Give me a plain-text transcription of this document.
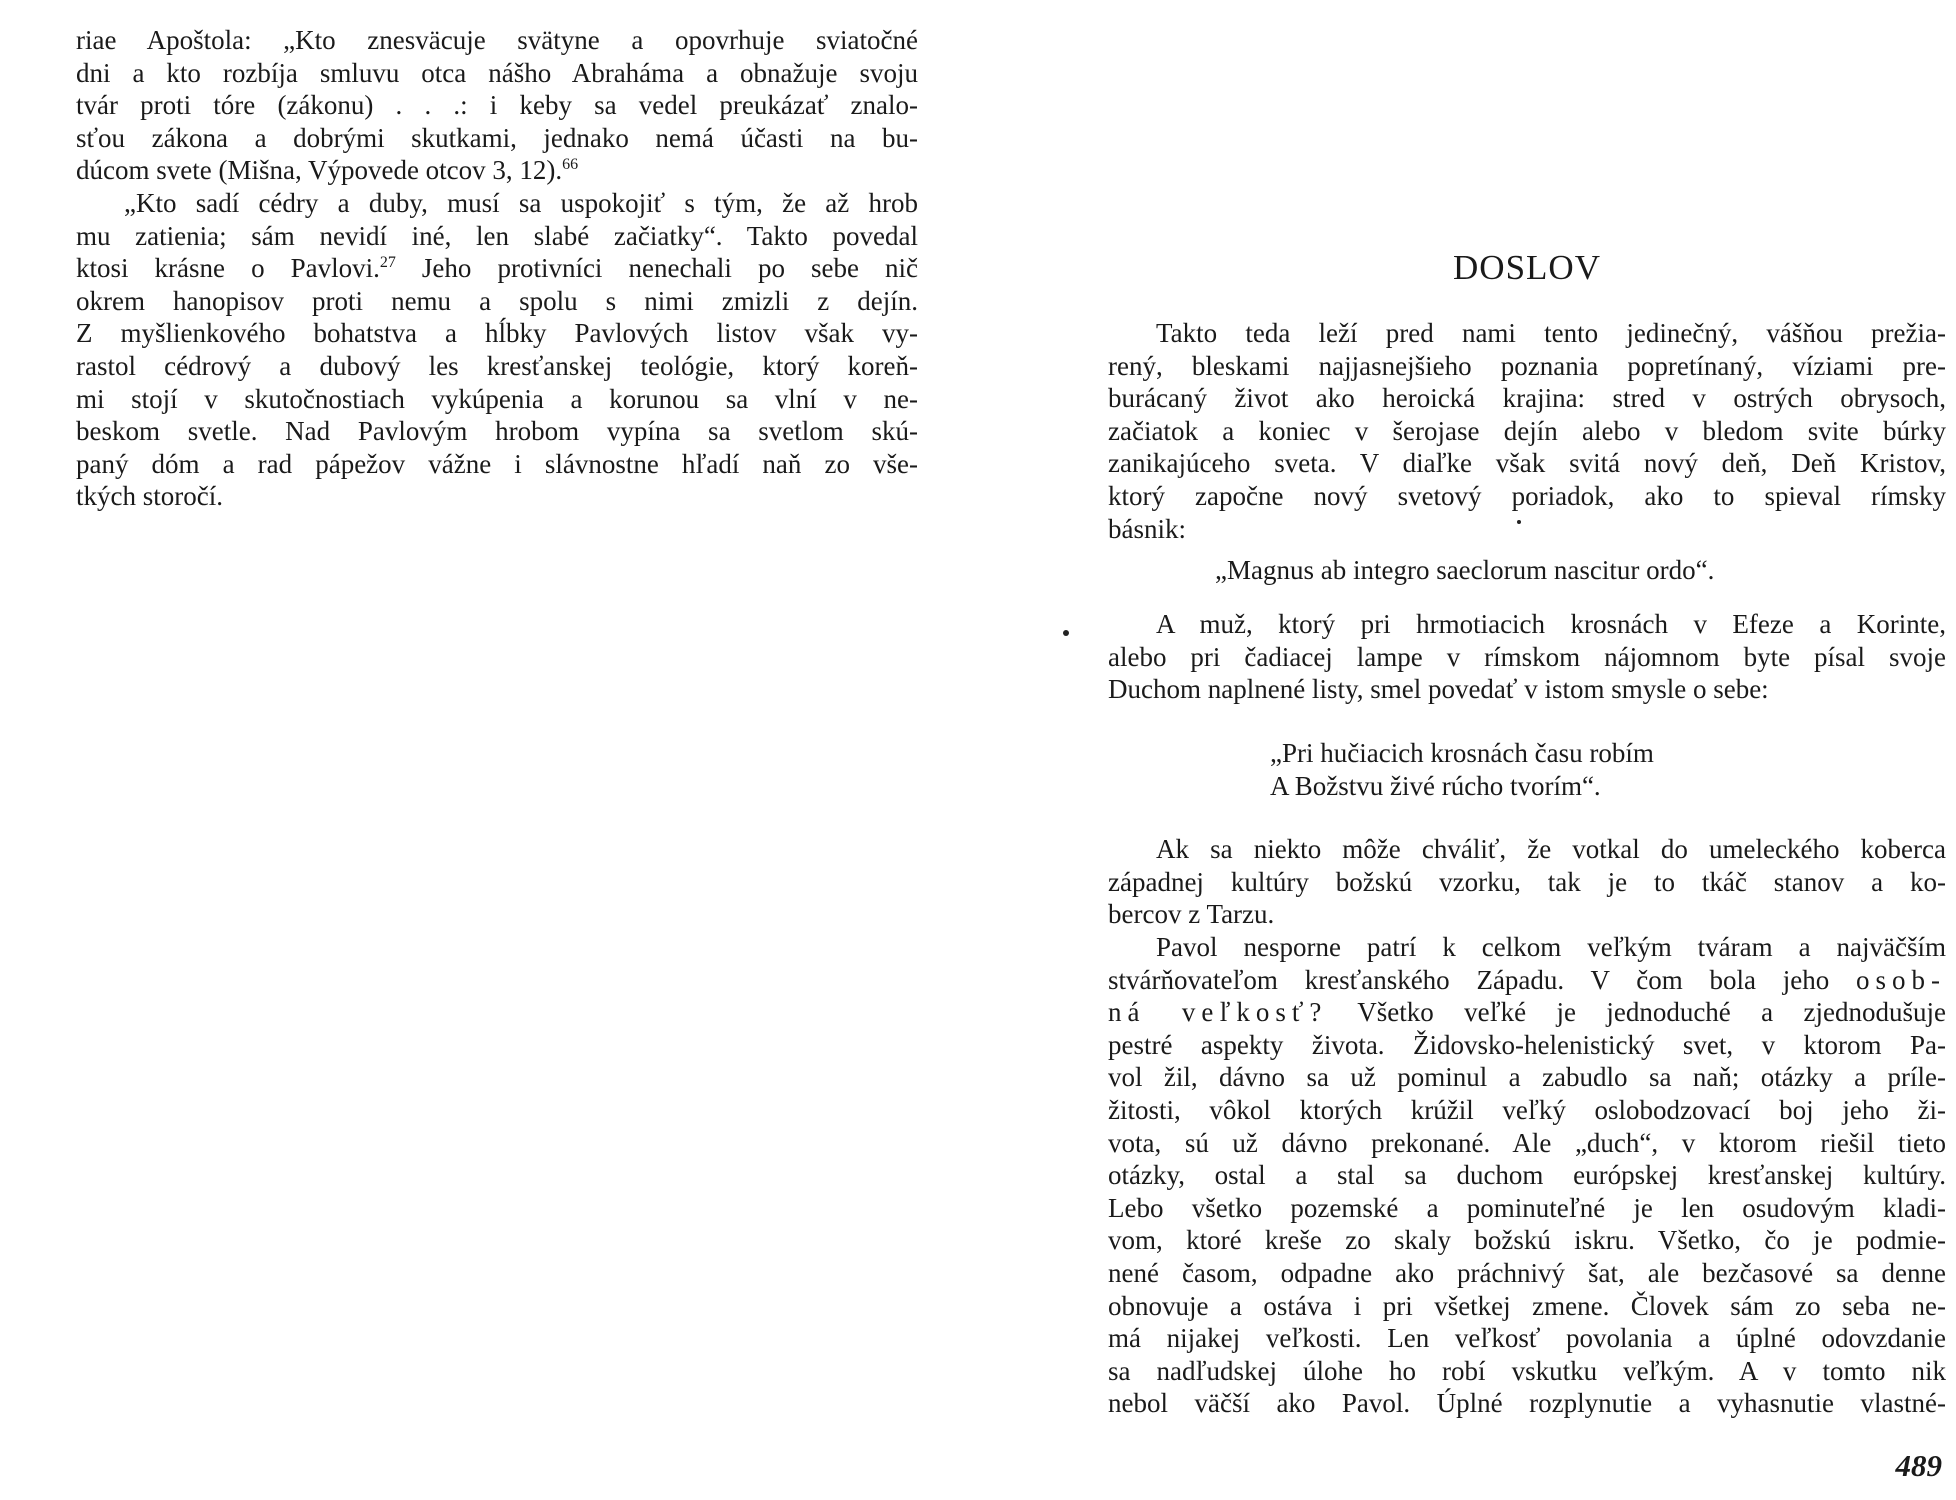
riae Apoštola: „Kto znesväcuje svätyne a opovrhuje sviatočné

dni a kto rozbíja smluvu otca nášho Abraháma a obnažuje svoju

tvár proti tóre (zákonu) . . .: i keby sa vedel preukázať znalo-

sťou zákona a dobrými skutkami, jednako nemá účasti na bu-

dúcom svete (Mišna, Výpovede otcov 3, 12).$^{66}$

„Kto sadí cédry a duby, musí sa uspokojiť s tým, že až hrob

mu zatienia; sám nevidí iné, len slabé začiatky“. Takto povedal

ktosi krásne o Pavlovi.$^{27}$ Jeho protivníci nenechali po sebe nič

okrem hanopisov proti nemu a spolu s nimi zmizli z dejín.

Z myšlienkového bohatstva a hĺbky Pavlových listov však vy-

rastol cédrový a dubový les kresťanskej teológie, ktorý koreň-

mi stojí v skutočnostiach vykúpenia a korunou sa vlní v ne-

beskom svetle. Nad Pavlovým hrobom vypína sa svetlom skú-

paný dóm a rad pápežov vážne i slávnostne hľadí naň zo vše-

tkých storočí.

DOSLOV

Takto teda leží pred nami tento jedinečný, vášňou prežia-

rený, bleskami najjasnejšieho poznania popretínaný, víziami pre-

burácaný život ako heroická krajina: stred v ostrých obrysoch,

začiatok a koniec v šerojase dejín alebo v bledom svite búrky

zanikajúceho sveta. V diaľke však svitá nový deň, Deň Kristov,

ktorý započne nový svetový poriadok, ako to spieval rímsky

básnik:

„Magnus ab integro saeclorum nascitur ordo“.

A muž, ktorý pri hrmotiacich krosnách v Efeze a Korinte,

alebo pri čadiacej lampe v rímskom nájomnom byte písal svoje

Duchom naplnené listy, smel povedať v istom smysle o sebe:

„Pri hučiacich krosnách času robím

A Božstvu živé rúcho tvorím“.

Ak sa niekto môže chváliť, že votkal do umeleckého koberca

západnej kultúry božskú vzorku, tak je to tkáč stanov a ko-

bercov z Tarzu.

Pavol nesporne patrí k celkom veľkým tváram a najväčším

stvárňovateľom kresťanského Západu. V čom bola jeho osob-

ná veľkosť? Všetko veľké je jednoduché a zjednodušuje

pestré aspekty života. Židovsko-helenistický svet, v ktorom Pa-

vol žil, dávno sa už pominul a zabudlo sa naň; otázky a príle-

žitosti, vôkol ktorých krúžil veľký oslobodzovací boj jeho ži-

vota, sú už dávno prekonané. Ale „duch“, v ktorom riešil tieto

otázky, ostal a stal sa duchom európskej kresťanskej kultúry.

Lebo všetko pozemské a pominuteľné je len osudovým kladi-

vom, ktoré kreše zo skaly božskú iskru. Všetko, čo je podmie-

nené časom, odpadne ako práchnivý šat, ale bezčasové sa denne

obnovuje a ostáva i pri všetkej zmene. Človek sám zo seba ne-

má nijakej veľkosti. Len veľkosť povolania a úplné odovzdanie

sa nadľudskej úlohe ho robí vskutku veľkým. A v tomto nik

nebol väčší ako Pavol. Úplné rozplynutie a vyhasnutie vlastné-

489
